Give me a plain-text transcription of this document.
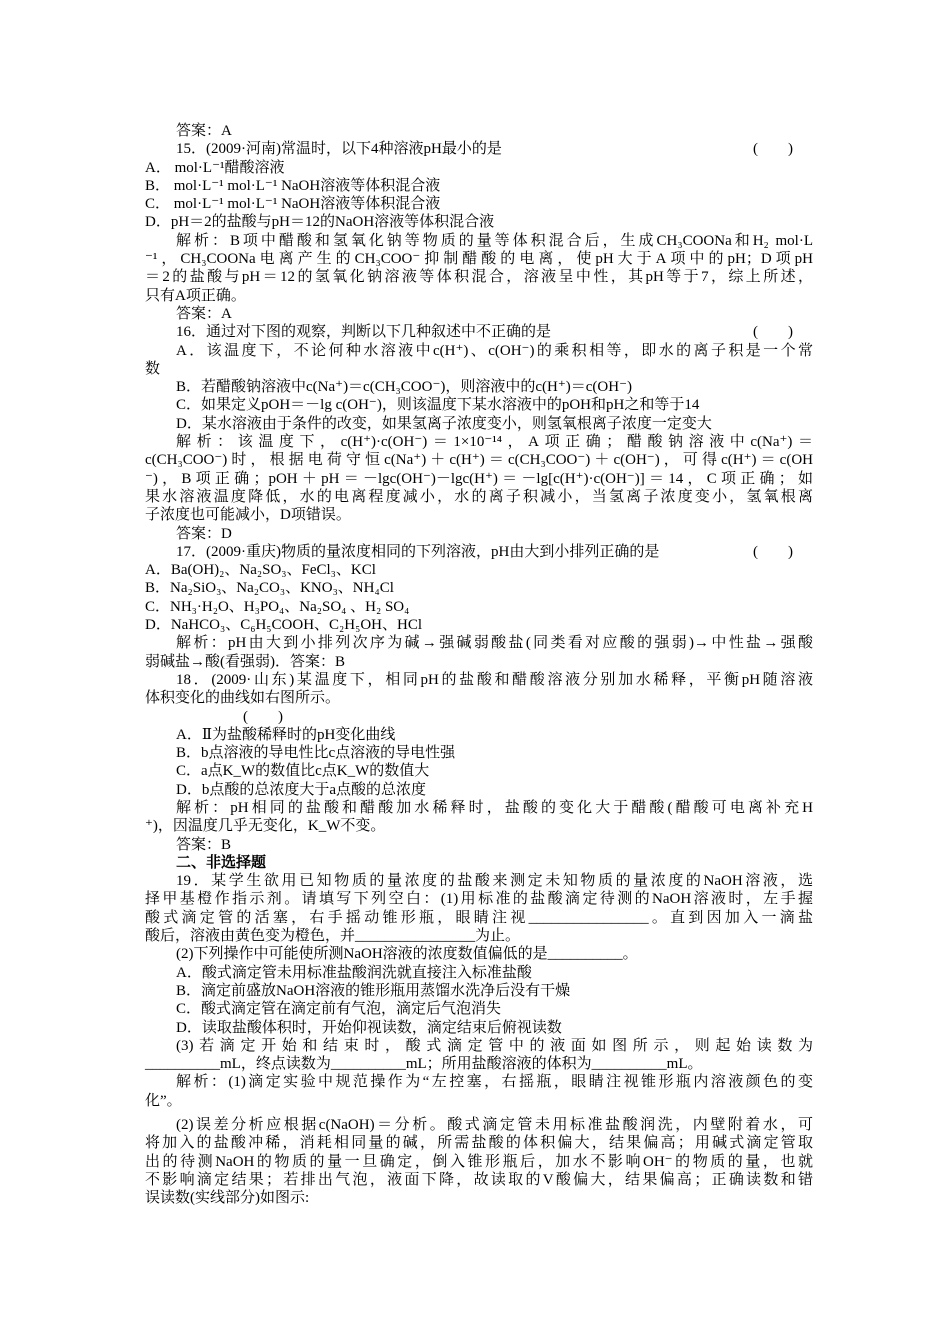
答案：A
(　　)
15．(2009·河南)常温时，以下4种溶液pH最小的是
A． mol·L⁻¹醋酸溶液
B． mol·L⁻¹ mol·L⁻¹ NaOH溶液等体积混合液
C． mol·L⁻¹ mol·L⁻¹ NaOH溶液等体积混合液
D．pH＝2的盐酸与pH＝12的NaOH溶液等体积混合液
解析：B项中醋酸和氢氧化钠等物质的量等体积混合后，生成CH₃COONa和H₂ mol·L
⁻¹，CH₃COONa电离产生的CH₃COO⁻抑制醋酸的电离，使pH大于A项中的pH；D项pH
＝2的盐酸与pH＝12的氢氧化钠溶液等体积混合，溶液呈中性，其pH等于7，综上所述，
只有A项正确。
答案：A
(　　)
16．通过对下图的观察，判断以下几种叙述中不正确的是
A．该温度下，不论何种水溶液中c(H⁺)、c(OH⁻)的乘积相等，即水的离子积是一个常
数
B．若醋酸钠溶液中c(Na⁺)＝c(CH₃COO⁻)，则溶液中的c(H⁺)＝c(OH⁻)
C．如果定义pOH＝－lg c(OH⁻)，则该温度下某水溶液中的pOH和pH之和等于14
D．某水溶液由于条件的改变，如果氢离子浓度变小，则氢氧根离子浓度一定变大
解析：该温度下，c(H⁺)·c(OH⁻)＝1×10⁻¹⁴，A项正确；醋酸钠溶液中c(Na⁺)＝
c(CH₃COO⁻)时，根据电荷守恒c(Na⁺)＋c(H⁺)＝c(CH₃COO⁻)＋c(OH⁻)，可得c(H⁺)＝c(OH
⁻)，B项正确；pOH＋pH＝－lgc(OH⁻)－lgc(H⁺)＝－lg[c(H⁺)·c(OH⁻)]＝14，C项正确；如
果水溶液温度降低，水的电离程度减小，水的离子积减小，当氢离子浓度变小，氢氧根离
子浓度也可能减小，D项错误。
答案：D
(　　)
17．(2009·重庆)物质的量浓度相同的下列溶液，pH由大到小排列正确的是
A．Ba(OH)₂、Na₂SO₃、FeCl₃、KCl
B．Na₂SiO₃、Na₂CO₃、KNO₃、NH₄Cl
C．NH₃·H₂O、H₃PO₄、Na₂SO₄ 、H₂ SO₄
D．NaHCO₃、C₆H₅COOH、C₂H₅OH、HCl
解析：pH由大到小排列次序为碱→强碱弱酸盐(同类看对应酸的强弱)→中性盐→强酸
弱碱盐→酸(看强弱)．答案：B
18．(2009·山东)某温度下，相同pH的盐酸和醋酸溶液分别加水稀释，平衡pH随溶液
体积变化的曲线如右图所示。
(　　)
A．Ⅱ为盐酸稀释时的pH变化曲线
B．b点溶液的导电性比c点溶液的导电性强
C．a点K_W的数值比c点K_W的数值大
D．b点酸的总浓度大于a点酸的总浓度
解析：pH相同的盐酸和醋酸加水稀释时，盐酸的变化大于醋酸(醋酸可电离补充H
⁺)，因温度几乎无变化，K_W不变。
答案：B
二、非选择题
19．某学生欲用已知物质的量浓度的盐酸来测定未知物质的量浓度的NaOH溶液，选
择甲基橙作指示剂。请填写下列空白：(1)用标准的盐酸滴定待测的NaOH溶液时，左手握
酸式滴定管的活塞，右手摇动锥形瓶，眼睛注视________________。直到因加入一滴盐
酸后，溶液由黄色变为橙色，并________________为止。
(2)下列操作中可能使所测NaOH溶液的浓度数值偏低的是__________。
A．酸式滴定管未用标准盐酸润洗就直接注入标准盐酸
B．滴定前盛放NaOH溶液的锥形瓶用蒸馏水洗净后没有干燥
C．酸式滴定管在滴定前有气泡，滴定后气泡消失
D．读取盐酸体积时，开始仰视读数，滴定结束后俯视读数
(3)若滴定开始和结束时，酸式滴定管中的液面如图所示，则起始读数为
__________mL，终点读数为__________mL；所用盐酸溶液的体积为__________mL。
解析：(1)滴定实验中规范操作为“左控塞，右摇瓶，眼睛注视锥形瓶内溶液颜色的变
化”。
(2)误差分析应根据c(NaOH)＝分析。酸式滴定管未用标准盐酸润洗，内壁附着水，可
将加入的盐酸冲稀，消耗相同量的碱，所需盐酸的体积偏大，结果偏高；用碱式滴定管取
出的待测NaOH的物质的量一旦确定，倒入锥形瓶后，加水不影响OH⁻的物质的量，也就
不影响滴定结果；若排出气泡，液面下降，故读取的V酸偏大，结果偏高；正确读数和错
误读数(实线部分)如图示:
